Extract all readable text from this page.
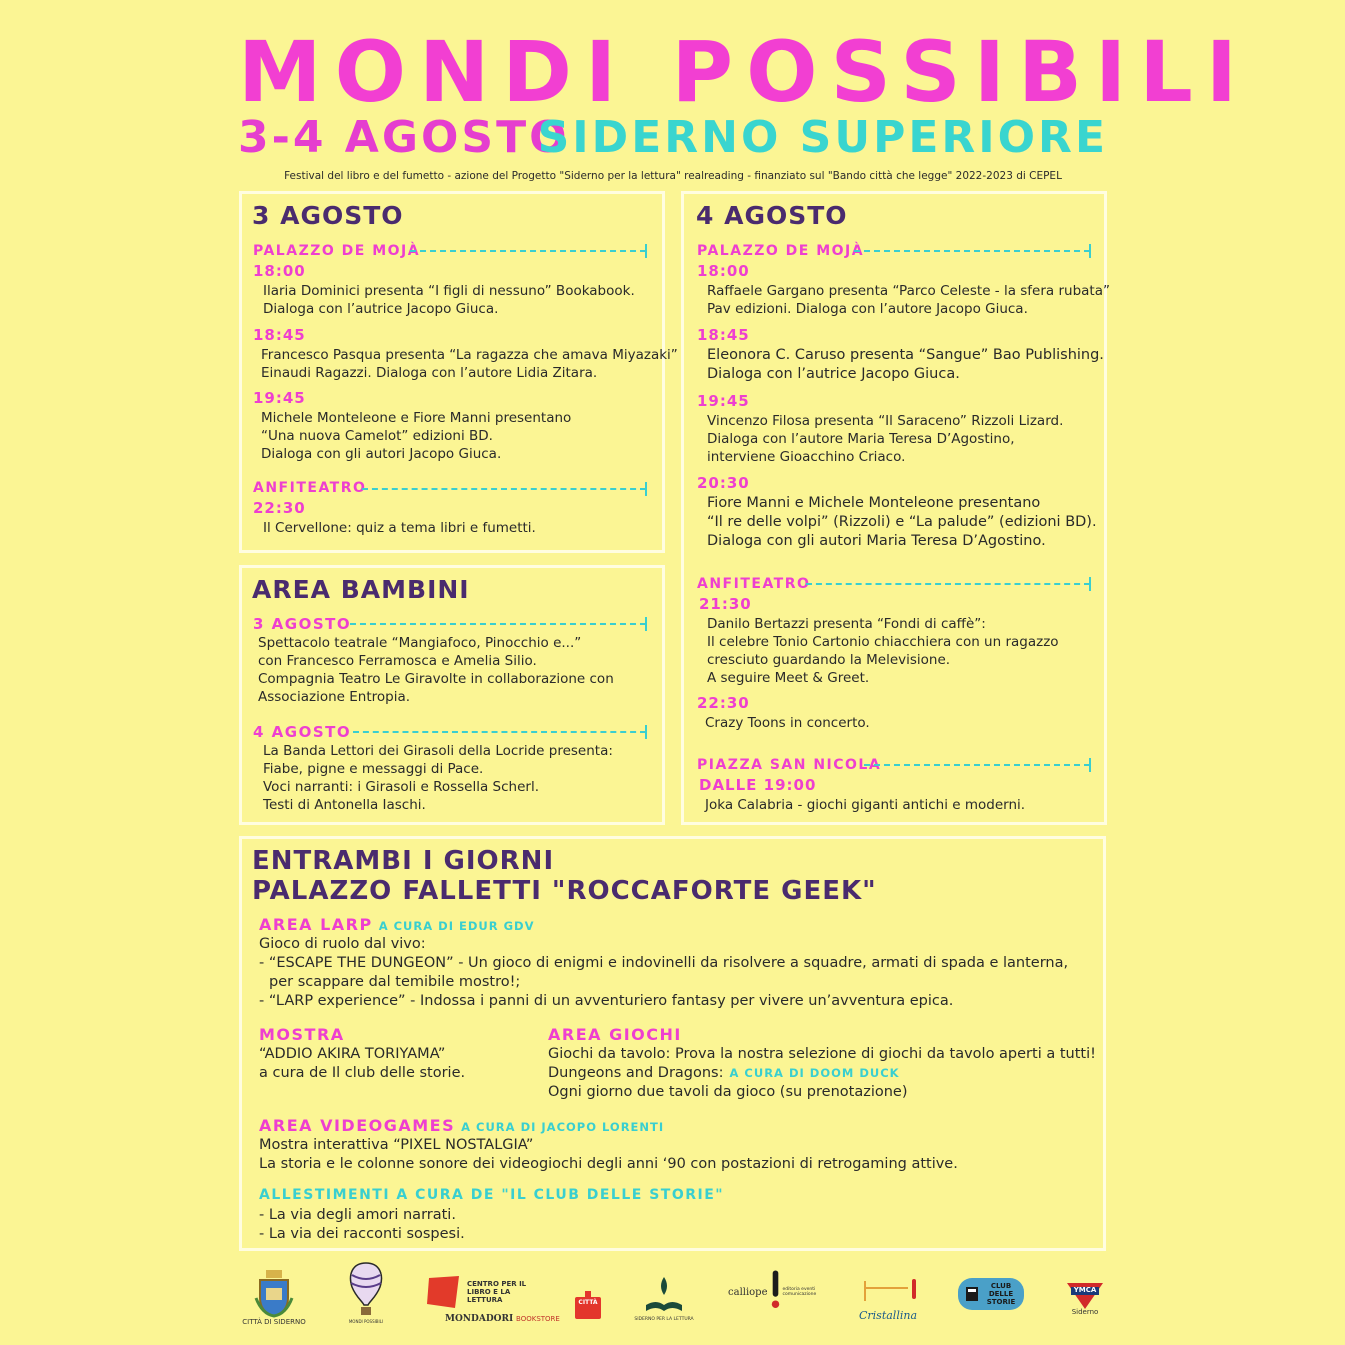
MONDI POSSIBILI
3-4 AGOSTO
SIDERNO SUPERIORE
Festival del libro e del fumetto - azione del Progetto "Siderno per la lettura" realreading - finanziato sul "Bando città che legge" 2022-2023 di CEPEL
3 AGOSTO
PALAZZO DE MOJÀ
18:00
Ilaria Dominici presenta “I figli di nessuno” Bookabook.
Dialoga con l’autrice Jacopo Giuca.
18:45
Francesco Pasqua presenta “La ragazza che amava Miyazaki”
Einaudi Ragazzi. Dialoga con l’autore Lidia Zitara.
19:45
Michele Monteleone e Fiore Manni presentano
“Una nuova Camelot” edizioni BD.
Dialoga con gli autori Jacopo Giuca.
ANFITEATRO
22:30
Il Cervellone: quiz a tema libri e fumetti.
AREA BAMBINI
3 AGOSTO
Spettacolo teatrale “Mangiafoco, Pinocchio e...”
con Francesco Ferramosca e Amelia Silio.
Compagnia Teatro Le Giravolte in collaborazione con
Associazione Entropia.
4 AGOSTO
La Banda Lettori dei Girasoli della Locride presenta:
Fiabe, pigne e messaggi di Pace.
Voci narranti: i Girasoli e Rossella Scherl.
Testi di Antonella Iaschi.
4 AGOSTO
PALAZZO DE MOJÀ
18:00
Raffaele Gargano presenta “Parco Celeste - la sfera rubata”
Pav edizioni. Dialoga con l’autore Jacopo Giuca.
18:45
Eleonora C. Caruso presenta “Sangue” Bao Publishing.
Dialoga con l’autrice Jacopo Giuca.
19:45
Vincenzo Filosa presenta “Il Saraceno” Rizzoli Lizard.
Dialoga con l’autore Maria Teresa D’Agostino,
interviene Gioacchino Criaco.
20:30
Fiore Manni e Michele Monteleone presentano
“Il re delle volpi” (Rizzoli) e “La palude” (edizioni BD).
Dialoga con gli autori Maria Teresa D’Agostino.
ANFITEATRO
21:30
Danilo Bertazzi presenta “Fondi di caffè”:
Il celebre Tonio Cartonio chiacchiera con un ragazzo
cresciuto guardando la Melevisione.
A seguire Meet & Greet.
22:30
Crazy Toons in concerto.
PIAZZA SAN NICOLA
DALLE 19:00
Joka Calabria - giochi giganti antichi e moderni.
ENTRAMBI I GIORNI
PALAZZO FALLETTI "ROCCAFORTE GEEK"
AREA LARP A CURA DI EDUR GDV
Gioco di ruolo dal vivo:
- “ESCAPE THE DUNGEON” - Un gioco di enigmi e indovinelli da risolvere a squadre, armati di spada e lanterna,
per scappare dal temibile mostro!;
- “LARP experience” - Indossa i panni di un avventuriero fantasy per vivere un’avventura epica.
MOSTRA
“ADDIO AKIRA TORIYAMA”
a cura de Il club delle storie.
AREA GIOCHI
Giochi da tavolo: Prova la nostra selezione di giochi da tavolo aperti a tutti!
Dungeons and Dragons: A CURA DI DOOM DUCK
Ogni giorno due tavoli da gioco (su prenotazione)
AREA VIDEOGAMES A CURA DI JACOPO LORENTI
Mostra interattiva “PIXEL NOSTALGIA”
La storia e le colonne sonore dei videogiochi degli anni ‘90 con postazioni di retrogaming attive.
ALLESTIMENTI A CURA DE "IL CLUB DELLE STORIE"
- La via degli amori narrati.
- La via dei racconti sospesi.
CITTÀ DI SIDERNO	MONDI POSSIBILI
CENTRO PER IL LIBRO E LA LETTURA
MONDADORI BOOKSTORE
CITTÀ
SIDERNO PER LA LETTURA
calliope	editoria eventi comunicazione
Cristallina
CLUB DELLE STORIE
YMCA
Siderno
